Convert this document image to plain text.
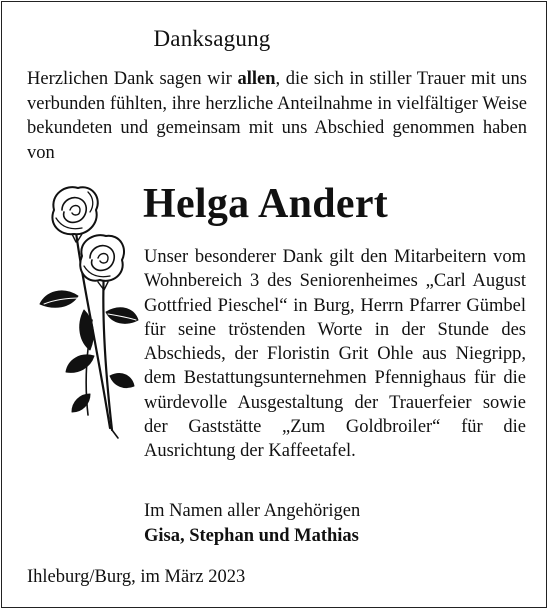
Danksagung
Herzlichen Dank sagen wir allen, die sich in stiller Trauer mit uns verbunden fühlten, ihre herzliche Anteilnahme in vielfältiger Weise bekundeten und gemeinsam mit uns Abschied genommen haben von
Helga Andert
Unser besonderer Dank gilt den Mitarbeitern vom Wohnbereich 3 des Seniorenheimes „Carl August Gottfried Pieschel“ in Burg, Herrn Pfarrer Gümbel für seine tröstenden Worte in der Stunde des Abschieds, der Floristin Grit Ohle aus Niegripp, dem Bestattungsunternehmen Pfennighaus für die würdevolle Ausgestaltung der Trauerfeier sowie der Gaststätte „Zum Goldbroiler“ für die Ausrichtung der Kaffeetafel.
Im Namen aller Angehörigen
Gisa, Stephan und Mathias
Ihleburg/Burg, im März 2023
